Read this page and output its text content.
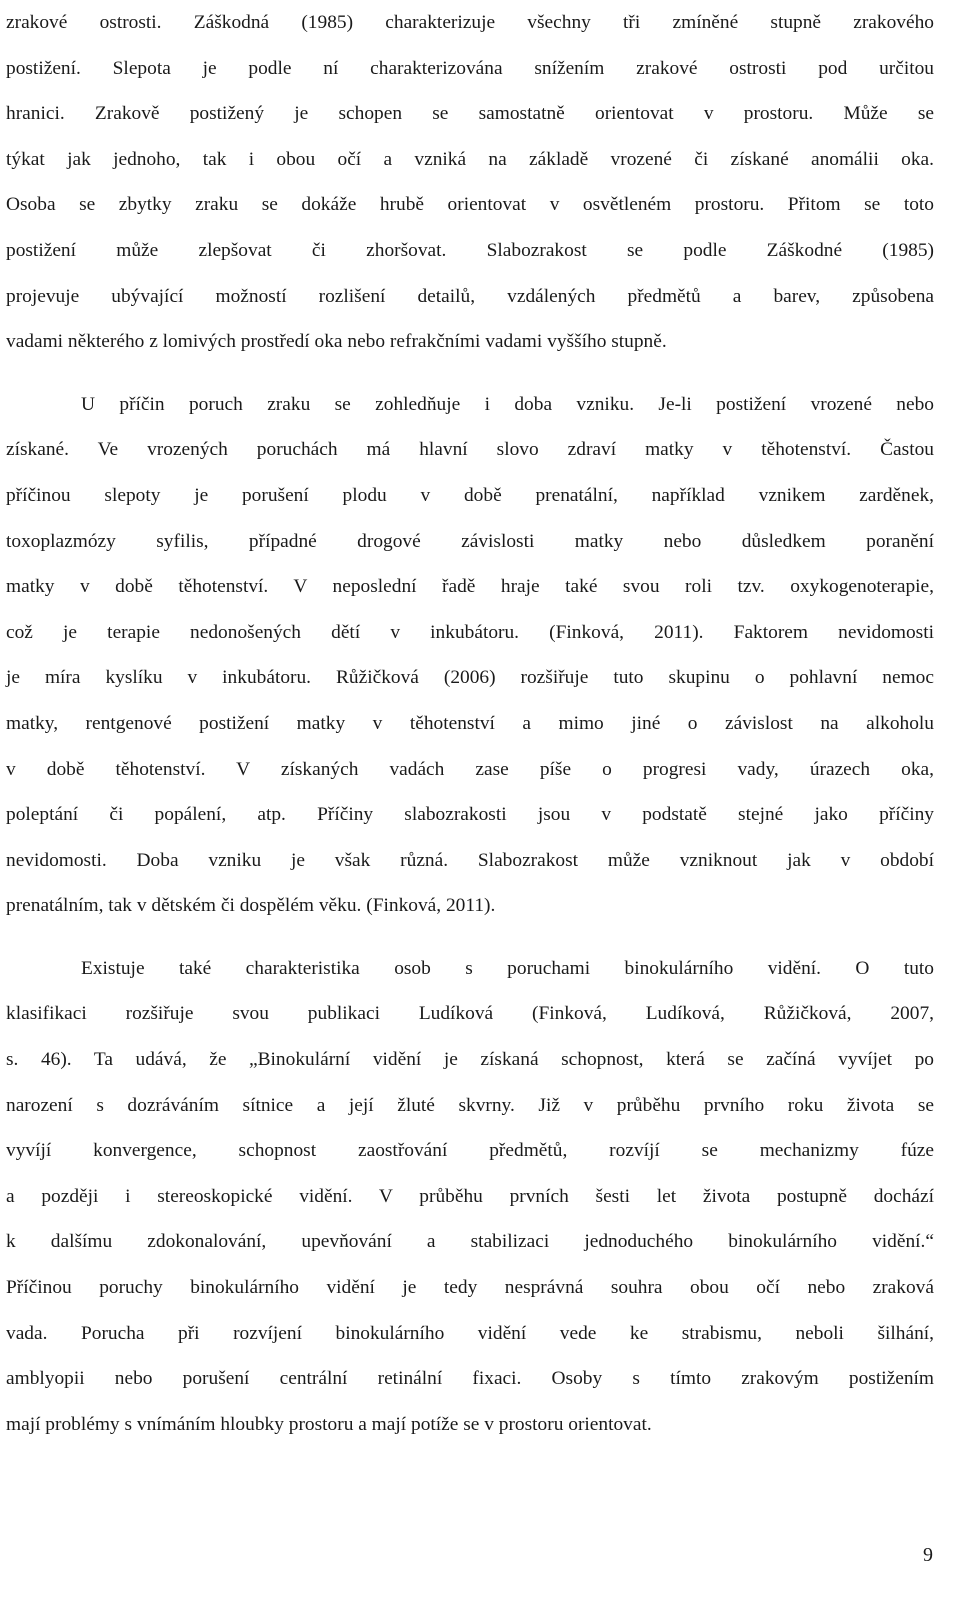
zrakové ostrosti. Záškodná (1985) charakterizuje všechny tři zmíněné stupně zrakového
postižení. Slepota je podle ní charakterizována snížením zrakové ostrosti pod určitou
hranici. Zrakově postižený je schopen se samostatně orientovat v prostoru. Může se
týkat jak jednoho, tak i obou očí a vzniká na základě vrozené či získané anomálii oka.
Osoba se zbytky zraku se dokáže hrubě orientovat v osvětleném prostoru. Přitom se toto
postižení může zlepšovat či zhoršovat. Slabozrakost se podle Záškodné (1985)
projevuje ubývající možností rozlišení detailů, vzdálených předmětů a barev, způsobena
vadami některého z lomivých prostředí oka nebo refrakčními vadami vyššího stupně.
U příčin poruch zraku se zohledňuje i doba vzniku. Je-li postižení vrozené nebo
získané. Ve vrozených poruchách má hlavní slovo zdraví matky v těhotenství. Častou
příčinou slepoty je porušení plodu v době prenatální, například vznikem zarděnek,
toxoplazmózy syfilis, případné drogové závislosti matky nebo důsledkem poranění
matky v době těhotenství. V neposlední řadě hraje také svou roli tzv. oxykogenoterapie,
což je terapie nedonošených dětí v inkubátoru. (Finková, 2011). Faktorem nevidomosti
je míra kyslíku v inkubátoru. Růžičková (2006) rozšiřuje tuto skupinu o pohlavní nemoc
matky, rentgenové postižení matky v těhotenství a mimo jiné o závislost na alkoholu
v době těhotenství. V získaných vadách zase píše o progresi vady, úrazech oka,
poleptání či popálení, atp. Příčiny slabozrakosti jsou v podstatě stejné jako příčiny
nevidomosti. Doba vzniku je však různá. Slabozrakost může vzniknout jak v období
prenatálním, tak v dětském či dospělém věku. (Finková, 2011).
Existuje také charakteristika osob s poruchami binokulárního vidění. O tuto
klasifikaci rozšiřuje svou publikaci Ludíková (Finková, Ludíková, Růžičková, 2007,
s. 46). Ta udává, že „Binokulární vidění je získaná schopnost, která se začíná vyvíjet po
narození s dozráváním sítnice a její žluté skvrny. Již v průběhu prvního roku života se
vyvíjí konvergence, schopnost zaostřování předmětů, rozvíjí se mechanizmy fúze
a později i stereoskopické vidění. V průběhu prvních šesti let života postupně dochází
k dalšímu zdokonalování, upevňování a stabilizaci jednoduchého binokulárního vidění.“
Příčinou poruchy binokulárního vidění je tedy nesprávná souhra obou očí nebo zraková
vada. Porucha při rozvíjení binokulárního vidění vede ke strabismu, neboli šilhání,
amblyopii nebo porušení centrální retinální fixaci. Osoby s tímto zrakovým postižením
mají problémy s vnímáním hloubky prostoru a mají potíže se v prostoru orientovat.
9
